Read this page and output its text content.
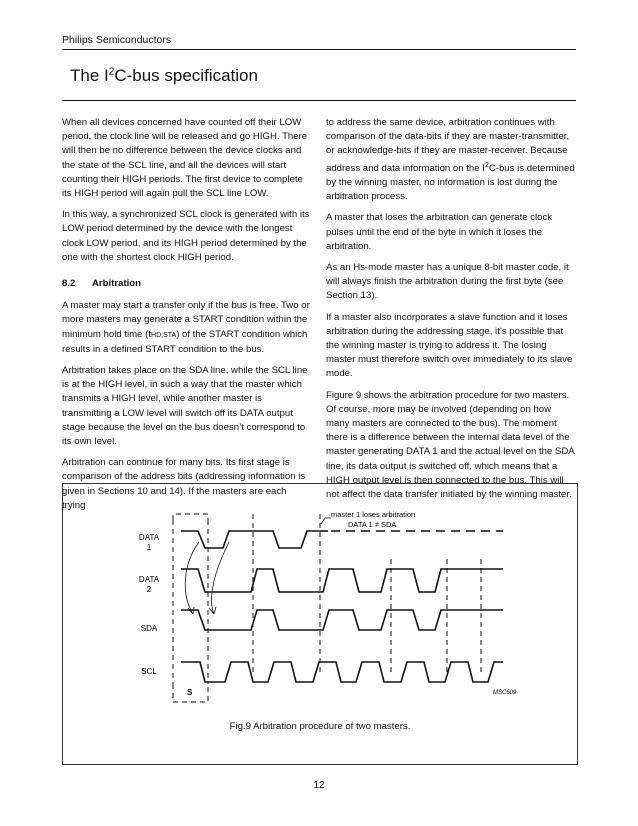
Philips Semiconductors
The $I^2C$-bus specification

When all devices concerned have counted off their LOW period, the clock line will be released and go HIGH. There will then be no difference between the device clocks and the state of the SCL line, and all the devices will start counting their HIGH periods. The first device to complete its HIGH period will again pull the SCL line LOW.

In this way, a synchronized SCL clock is generated with its LOW period determined by the device with the longest clock LOW period, and its HIGH period determined by the one with the shortest clock HIGH period.

8.2 Arbitration

A master may start a transfer only if the bus is free. Two or more masters may generate a START condition within the minimum hold time (tHD;STA) of the START condition which results in a defined START condition to the bus.

Arbitration takes place on the SDA line, while the SCL line is at the HIGH level, in such a way that the master which transmits a HIGH level, while another master is transmitting a LOW level will switch off its DATA output stage because the level on the bus doesn’t correspond to its own level.

Arbitration can continue for many bits. Its first stage is comparison of the address bits (addressing information is given in Sections 10 and 14). If the masters are each trying

to address the same device, arbitration continues with comparison of the data-bits if they are master-transmitter, or acknowledge-bits if they are master-receiver. Because address and data information on the $I^2C$-bus is determined by the winning master, no information is lost during the arbitration process.

A master that loses the arbitration can generate clock pulses until the end of the byte in which it loses the arbitration.

As an Hs-mode master has a unique 8-bit master code, it will always finish the arbitration during the first byte (see Section 13).

If a master also incorporates a slave function and it loses arbitration during the addressing stage, it’s possible that the winning master is trying to address it. The losing master must therefore switch over immediately to its slave mode.

Figure 9 shows the arbitration procedure for two masters. Of course, more may be involved (depending on how many masters are connected to the bus). The moment there is a difference between the internal data level of the master generating DATA 1 and the actual level on the SDA line, its data output is switched off, which means that a HIGH output level is then connected to the bus. This will not affect the data transfer initiated by the winning master.

master 1 loses arbitration
DATA 1 ≠ SDA
DATA
1
DATA
2
SDA
SCL
S	MSC609
Fig.9 Arbitration procedure of two masters.
12
